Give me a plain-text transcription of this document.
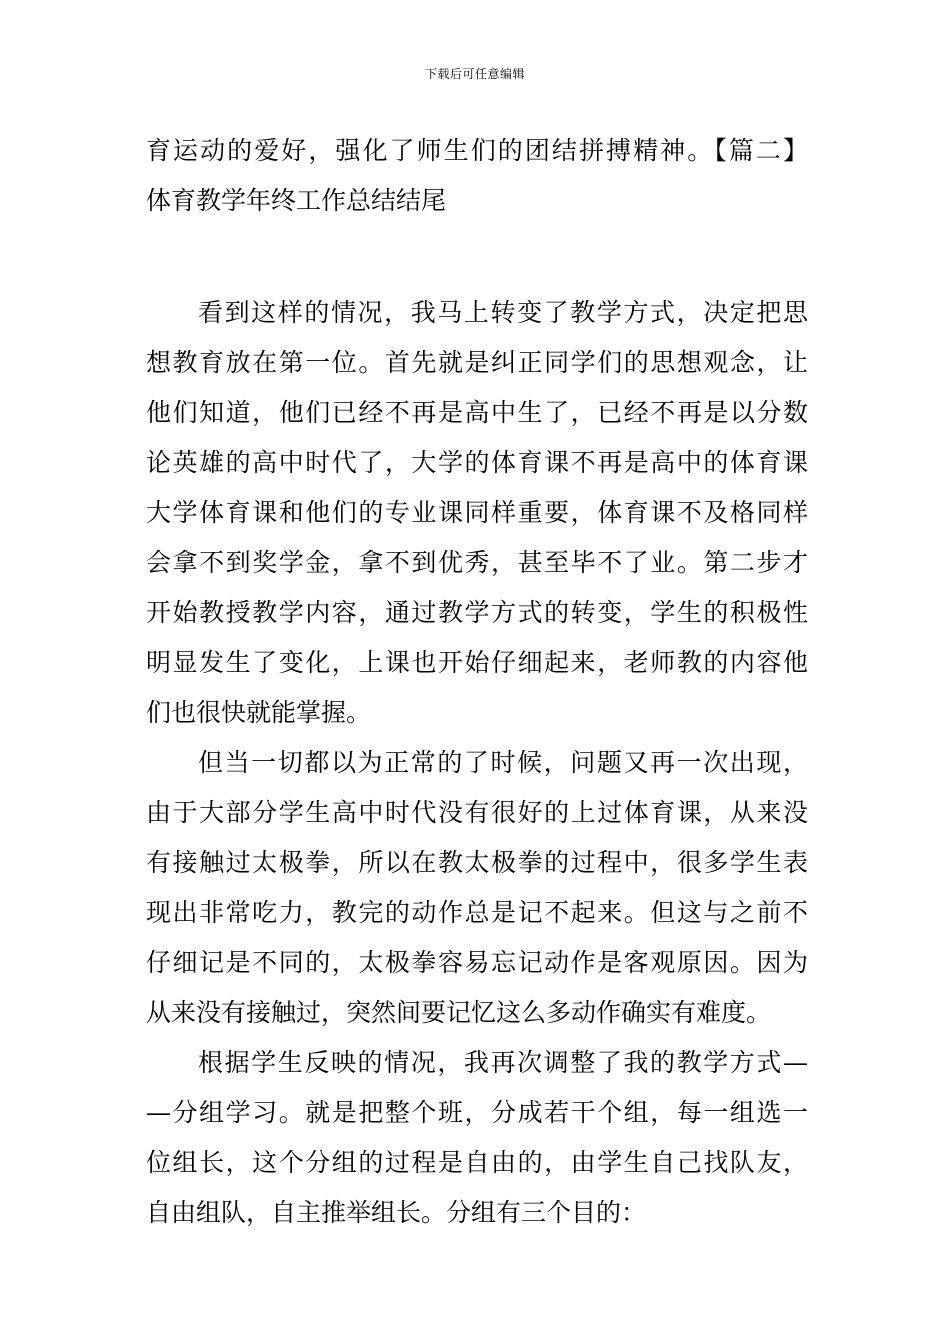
下载后可任意编辑
育运动的爱好，强化了师生们的团结拼搏精神。【篇二】
体育教学年终工作总结结尾
看到这样的情况，我马上转变了教学方式，决定把思
想教育放在第一位。首先就是纠正同学们的思想观念，让
他们知道，他们已经不再是高中生了，已经不再是以分数
论英雄的高中时代了，大学的体育课不再是高中的体育课
大学体育课和他们的专业课同样重要，体育课不及格同样
会拿不到奖学金，拿不到优秀，甚至毕不了业。第二步才
开始教授教学内容，通过教学方式的转变，学生的积极性
明显发生了变化，上课也开始仔细起来，老师教的内容他
们也很快就能掌握。
但当一切都以为正常的了时候，问题又再一次出现，
由于大部分学生高中时代没有很好的上过体育课，从来没
有接触过太极拳，所以在教太极拳的过程中，很多学生表
现出非常吃力，教完的动作总是记不起来。但这与之前不
仔细记是不同的，太极拳容易忘记动作是客观原因。因为
从来没有接触过，突然间要记忆这么多动作确实有难度。
根据学生反映的情况，我再次调整了我的教学方式—
—分组学习。就是把整个班，分成若干个组，每一组选一
位组长，这个分组的过程是自由的，由学生自己找队友，
自由组队，自主推举组长。分组有三个目的：
